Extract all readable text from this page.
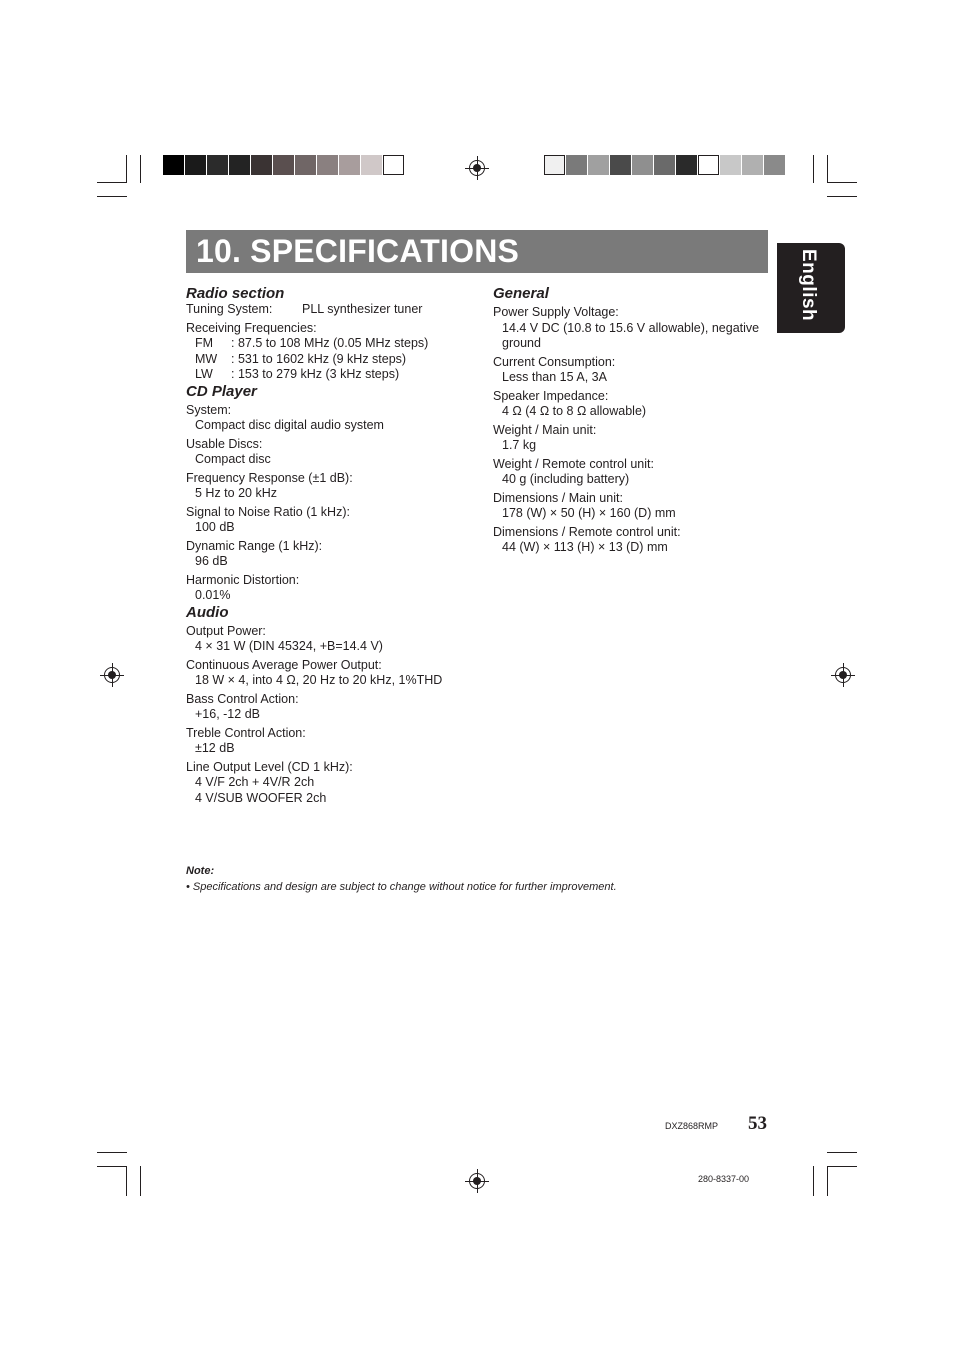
10. SPECIFICATIONS	English
Radio section
Tuning System:	PLL synthesizer tuner
Receiving Frequencies:
FM	: 87.5 to 108 MHz (0.05 MHz steps)
MW	: 531 to 1602 kHz (9 kHz steps)
LW	: 153 to 279 kHz (3 kHz steps)
CD Player
System:
Compact disc digital audio system
Usable Discs:
Compact disc
Frequency Response (±1 dB):
5 Hz to 20 kHz
Signal to Noise Ratio (1 kHz):
100 dB
Dynamic Range (1 kHz):
96 dB
Harmonic Distortion:
0.01%
Audio
Output Power:
4 × 31 W (DIN 45324, +B=14.4 V)
Continuous Average Power Output:
18 W × 4, into 4 Ω, 20 Hz to 20 kHz, 1%THD
Bass Control Action:
+16, -12 dB
Treble Control Action:
±12 dB
Line Output Level (CD 1 kHz):
4 V/F 2ch + 4V/R 2ch
4 V/SUB WOOFER 2ch
General
Power Supply Voltage:
14.4 V DC (10.8 to 15.6 V allowable), negative
ground
Current Consumption:
Less than 15 A, 3A
Speaker Impedance:
4 Ω (4 Ω to 8 Ω allowable)
Weight / Main unit:
1.7 kg
Weight / Remote control unit:
40 g (including battery)
Dimensions / Main unit:
178 (W) × 50 (H) × 160 (D) mm
Dimensions / Remote control unit:
44 (W) × 113 (H) × 13 (D) mm
Note:
• Specifications and design are subject to change without notice for further improvement.
DXZ868RMP 53
280-8337-00
